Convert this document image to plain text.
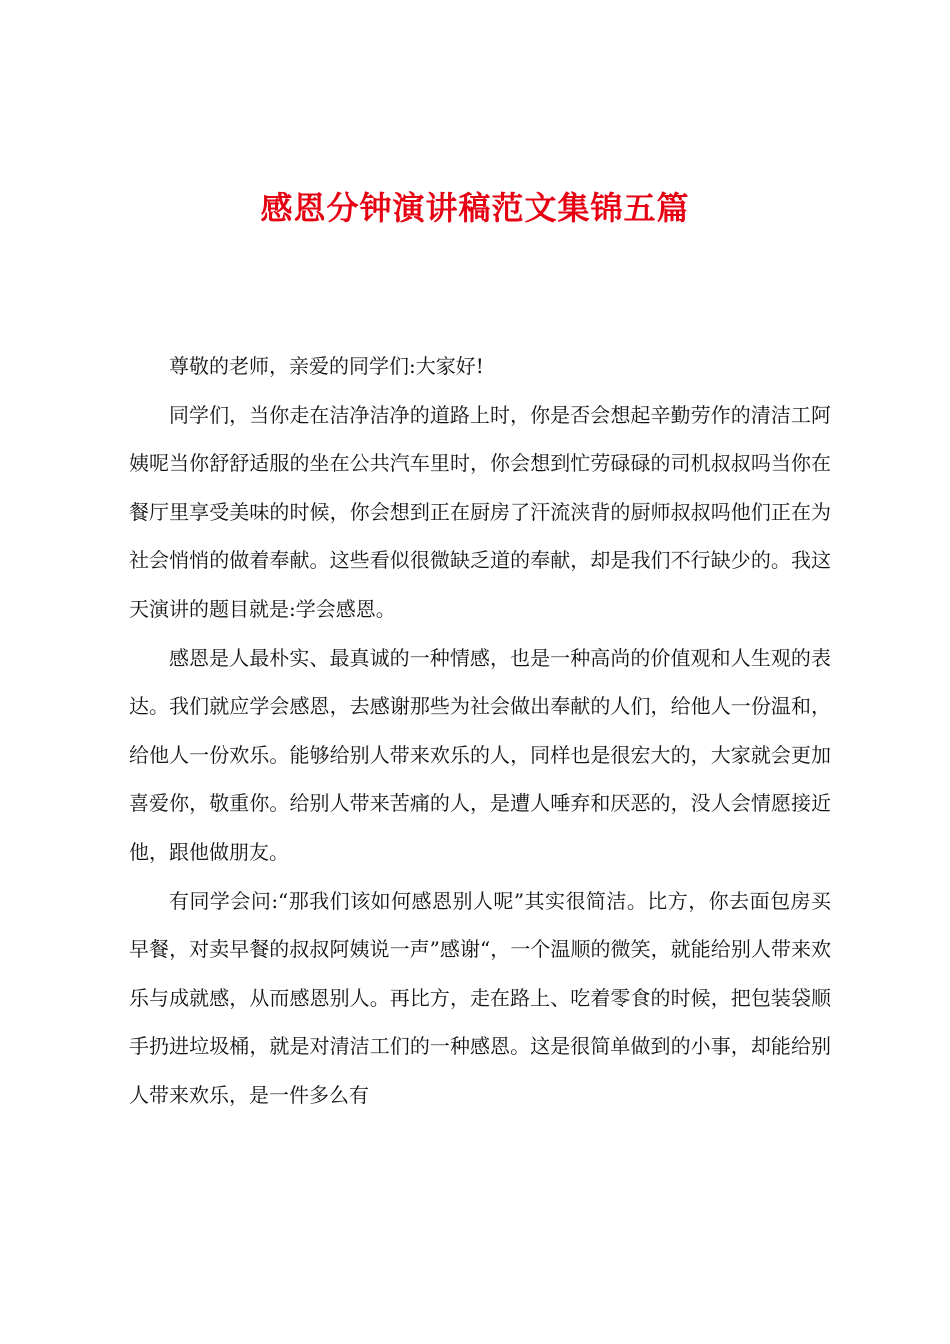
感恩分钟演讲稿范文集锦五篇

尊敬的老师，亲爱的同学们:大家好!

同学们，当你走在洁净洁净的道路上时，你是否会想起辛勤劳作的清洁工阿姨呢当你舒舒适服的坐在公共汽车里时，你会想到忙劳碌碌的司机叔叔吗当你在餐厅里享受美味的时候，你会想到正在厨房了汗流浃背的厨师叔叔吗他们正在为社会悄悄的做着奉献。这些看似很微缺乏道的奉献，却是我们不行缺少的。我这天演讲的题目就是:学会感恩。

感恩是人最朴实、最真诚的一种情感，也是一种高尚的价值观和人生观的表达。我们就应学会感恩，去感谢那些为社会做出奉献的人们，给他人一份温和，给他人一份欢乐。能够给别人带来欢乐的人，同样也是很宏大的，大家就会更加喜爱你，敬重你。给别人带来苦痛的人，是遭人唾弃和厌恶的，没人会情愿接近他，跟他做朋友。

有同学会问:“那我们该如何感恩别人呢”其实很简洁。比方，你去面包房买早餐，对卖早餐的叔叔阿姨说一声”感谢“，一个温顺的微笑，就能给别人带来欢乐与成就感，从而感恩别人。再比方，走在路上、吃着零食的时候，把包装袋顺手扔进垃圾桶，就是对清洁工们的一种感恩。这是很简单做到的小事，却能给别人带来欢乐，是一件多么有
